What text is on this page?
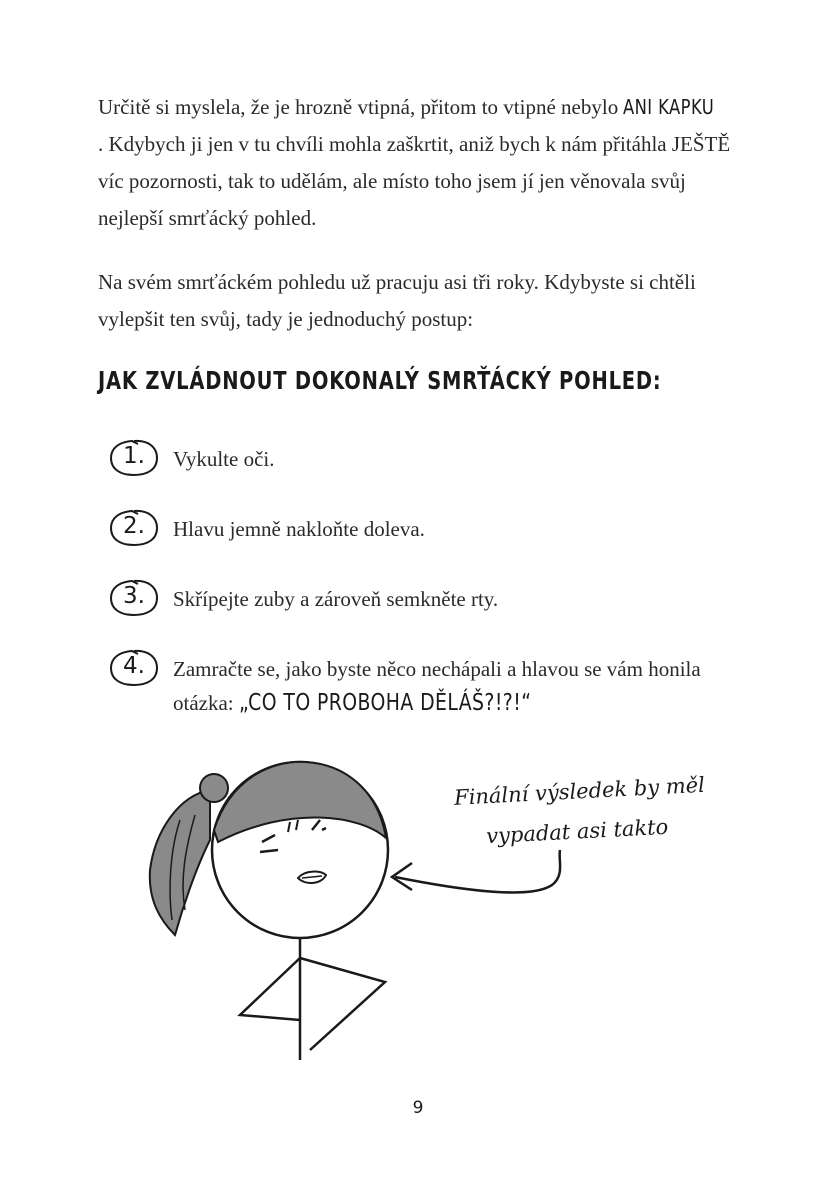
Určitě si myslela, že je hrozně vtipná, přitom to vtipné nebylo ANI KAPKU. Kdybych ji jen v tu chvíli mohla zaškrtit, aniž bych k nám přitáhla JEŠTĚ víc pozornosti, tak to udělám, ale místo toho jsem jí jen věnovala svůj nejlepší smrťácký pohled.

Na svém smrťáckém pohledu už pracuju asi tři roky. Kdybyste si chtěli vylepšit ten svůj, tady je jednoduchý postup:

JAK ZVLÁDNOUT DOKONALÝ SMRŤÁCKÝ POHLED:
1.	Vykulte oči.
2.	Hlavu jemně nakloňte doleva.
3.	Skřípejte zuby a zároveň semkněte rty.
4.	Zamračte se, jako byste něco nechápali a hlavou se vám honila otázka: „CO TO PROBOHA DĚLÁŠ?!?!“
Finální výsledek by měl
vypadat asi takto
9
